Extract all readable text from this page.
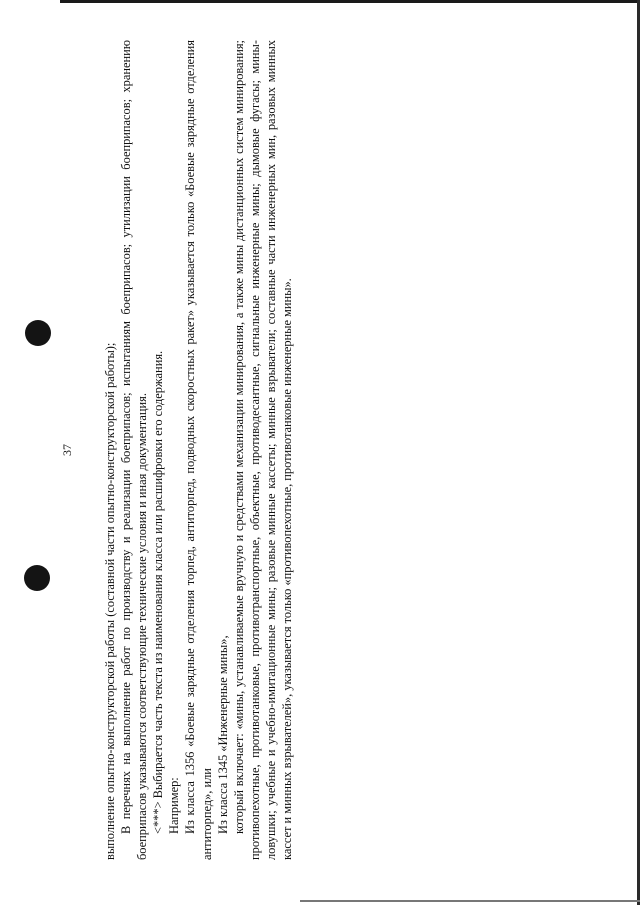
37 выполнение опытно-конструкторской работы (составной части опытно-конструкторской работы); В перечнях на выполнение работ по производству и реализации боеприпасов; испытаниям боеприпасов; утилизации боеприпасов; хранению боеприпасов указываются соответствующие технические условия и иная документация. <***> Выбирается часть текста из наименования класса или расшифровки его содержания. Например: Из класса 1356 «Боевые зарядные отделения торпед, антиторпед, подводных скоростных ракет» указывается только «Боевые зарядные отделения антиторпед», или Из класса 1345 «Инженерные мины», который включает: «мины, устанавливаемые вручную и средствами механизации минирования, а также мины дистанционных систем минирования; противопехотные, противотанковые, противотранспортные, объектные, противодесантные, сигнальные инженерные мины; дымовые фугасы; мины-ловушки; учебные и учебно-имитационные мины; разовые минные кассеты; минные взрыватели; составные части инженерных мин, разовых минных кассет и минных взрывателей», указывается только «противопехотные, противотанковые инженерные мины».
